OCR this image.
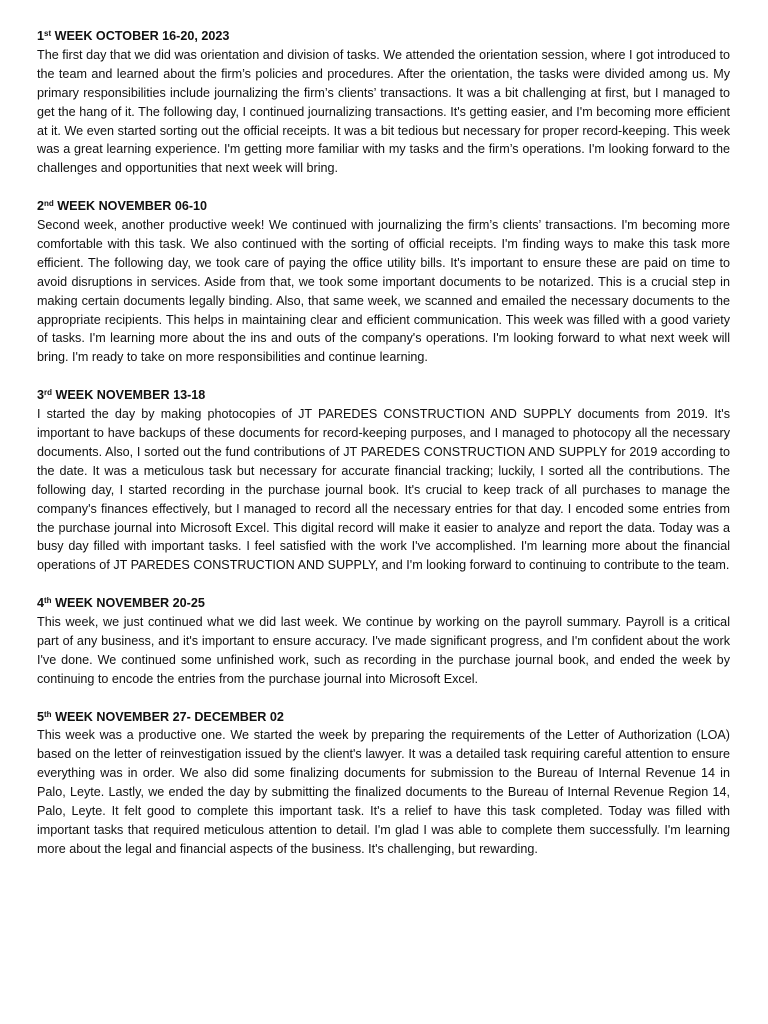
1st WEEK OCTOBER 16-20, 2023

The first day that we did was orientation and division of tasks. We attended the orientation session, where I got introduced to the team and learned about the firm’s policies and procedures. After the orientation, the tasks were divided among us. My primary responsibilities include journalizing the firm’s clients’ transactions. It was a bit challenging at first, but I managed to get the hang of it. The following day, I continued journalizing transactions. It's getting easier, and I'm becoming more efficient at it. We even started sorting out the official receipts. It was a bit tedious but necessary for proper record-keeping. This week was a great learning experience. I'm getting more familiar with my tasks and the firm’s operations. I'm looking forward to the challenges and opportunities that next week will bring.

2nd WEEK NOVEMBER 06-10

Second week, another productive week! We continued with journalizing the firm’s clients’ transactions. I'm becoming more comfortable with this task. We also continued with the sorting of official receipts. I'm finding ways to make this task more efficient. The following day, we took care of paying the office utility bills. It's important to ensure these are paid on time to avoid disruptions in services. Aside from that, we took some important documents to be notarized. This is a crucial step in making certain documents legally binding. Also, that same week, we scanned and emailed the necessary documents to the appropriate recipients. This helps in maintaining clear and efficient communication. This week was filled with a good variety of tasks. I'm learning more about the ins and outs of the company's operations. I'm looking forward to what next week will bring. I'm ready to take on more responsibilities and continue learning.

3rd WEEK NOVEMBER 13-18

I started the day by making photocopies of JT PAREDES CONSTRUCTION AND SUPPLY documents from 2019. It's important to have backups of these documents for record-keeping purposes, and I managed to photocopy all the necessary documents. Also, I sorted out the fund contributions of JT PAREDES CONSTRUCTION AND SUPPLY for 2019 according to the date. It was a meticulous task but necessary for accurate financial tracking; luckily, I sorted all the contributions. The following day, I started recording in the purchase journal book. It's crucial to keep track of all purchases to manage the company's finances effectively, but I managed to record all the necessary entries for that day. I encoded some entries from the purchase journal into Microsoft Excel. This digital record will make it easier to analyze and report the data. Today was a busy day filled with important tasks. I feel satisfied with the work I've accomplished. I'm learning more about the financial operations of JT PAREDES CONSTRUCTION AND SUPPLY, and I'm looking forward to continuing to contribute to the team.

4th WEEK NOVEMBER 20-25

This week, we just continued what we did last week. We continue by working on the payroll summary. Payroll is a critical part of any business, and it's important to ensure accuracy. I've made significant progress, and I'm confident about the work I've done. We continued some unfinished work, such as recording in the purchase journal book, and ended the week by continuing to encode the entries from the purchase journal into Microsoft Excel.

5th WEEK NOVEMBER 27- DECEMBER 02

This week was a productive one. We started the week by preparing the requirements of the Letter of Authorization (LOA) based on the letter of reinvestigation issued by the client's lawyer. It was a detailed task requiring careful attention to ensure everything was in order. We also did some finalizing documents for submission to the Bureau of Internal Revenue 14 in Palo, Leyte. Lastly, we ended the day by submitting the finalized documents to the Bureau of Internal Revenue Region 14, Palo, Leyte. It felt good to complete this important task. It's a relief to have this task completed. Today was filled with important tasks that required meticulous attention to detail. I'm glad I was able to complete them successfully. I'm learning more about the legal and financial aspects of the business. It's challenging, but rewarding.
